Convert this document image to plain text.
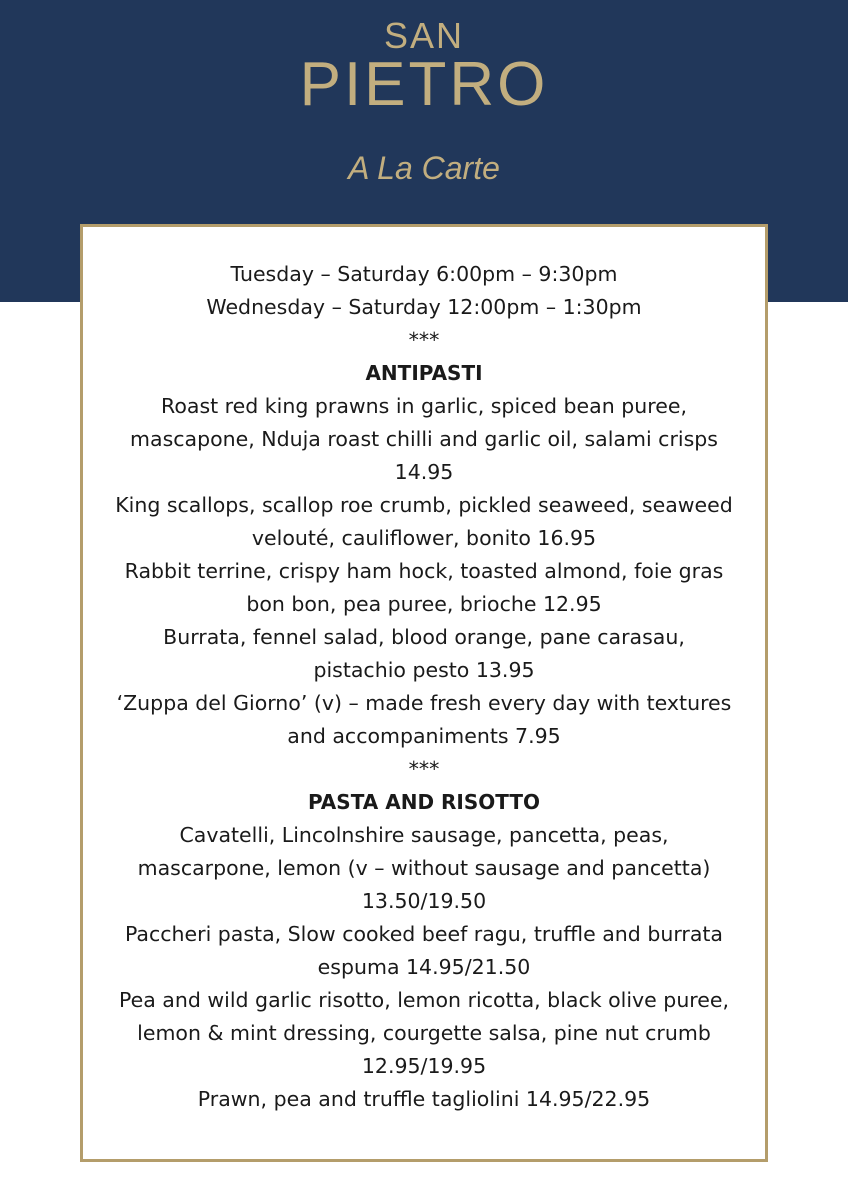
SAN
PIETRO
A La Carte
Tuesday – Saturday 6:00pm – 9:30pm
Wednesday – Saturday 12:00pm – 1:30pm
***
ANTIPASTI
Roast red king prawns in garlic, spiced bean puree,
mascapone, Nduja roast chilli and garlic oil, salami crisps
14.95
King scallops, scallop roe crumb, pickled seaweed, seaweed
velouté, cauliflower, bonito 16.95
Rabbit terrine, crispy ham hock, toasted almond, foie gras
bon bon, pea puree, brioche 12.95
Burrata, fennel salad, blood orange, pane carasau,
pistachio pesto 13.95
‘Zuppa del Giorno’ (v) – made fresh every day with textures
and accompaniments 7.95
***
PASTA AND RISOTTO
Cavatelli, Lincolnshire sausage, pancetta, peas,
mascarpone, lemon (v – without sausage and pancetta)
13.50/19.50
Paccheri pasta, Slow cooked beef ragu, truffle and burrata
espuma 14.95/21.50
Pea and wild garlic risotto, lemon ricotta, black olive puree,
lemon & mint dressing, courgette salsa, pine nut crumb
12.95/19.95
Prawn, pea and truffle tagliolini 14.95/22.95
